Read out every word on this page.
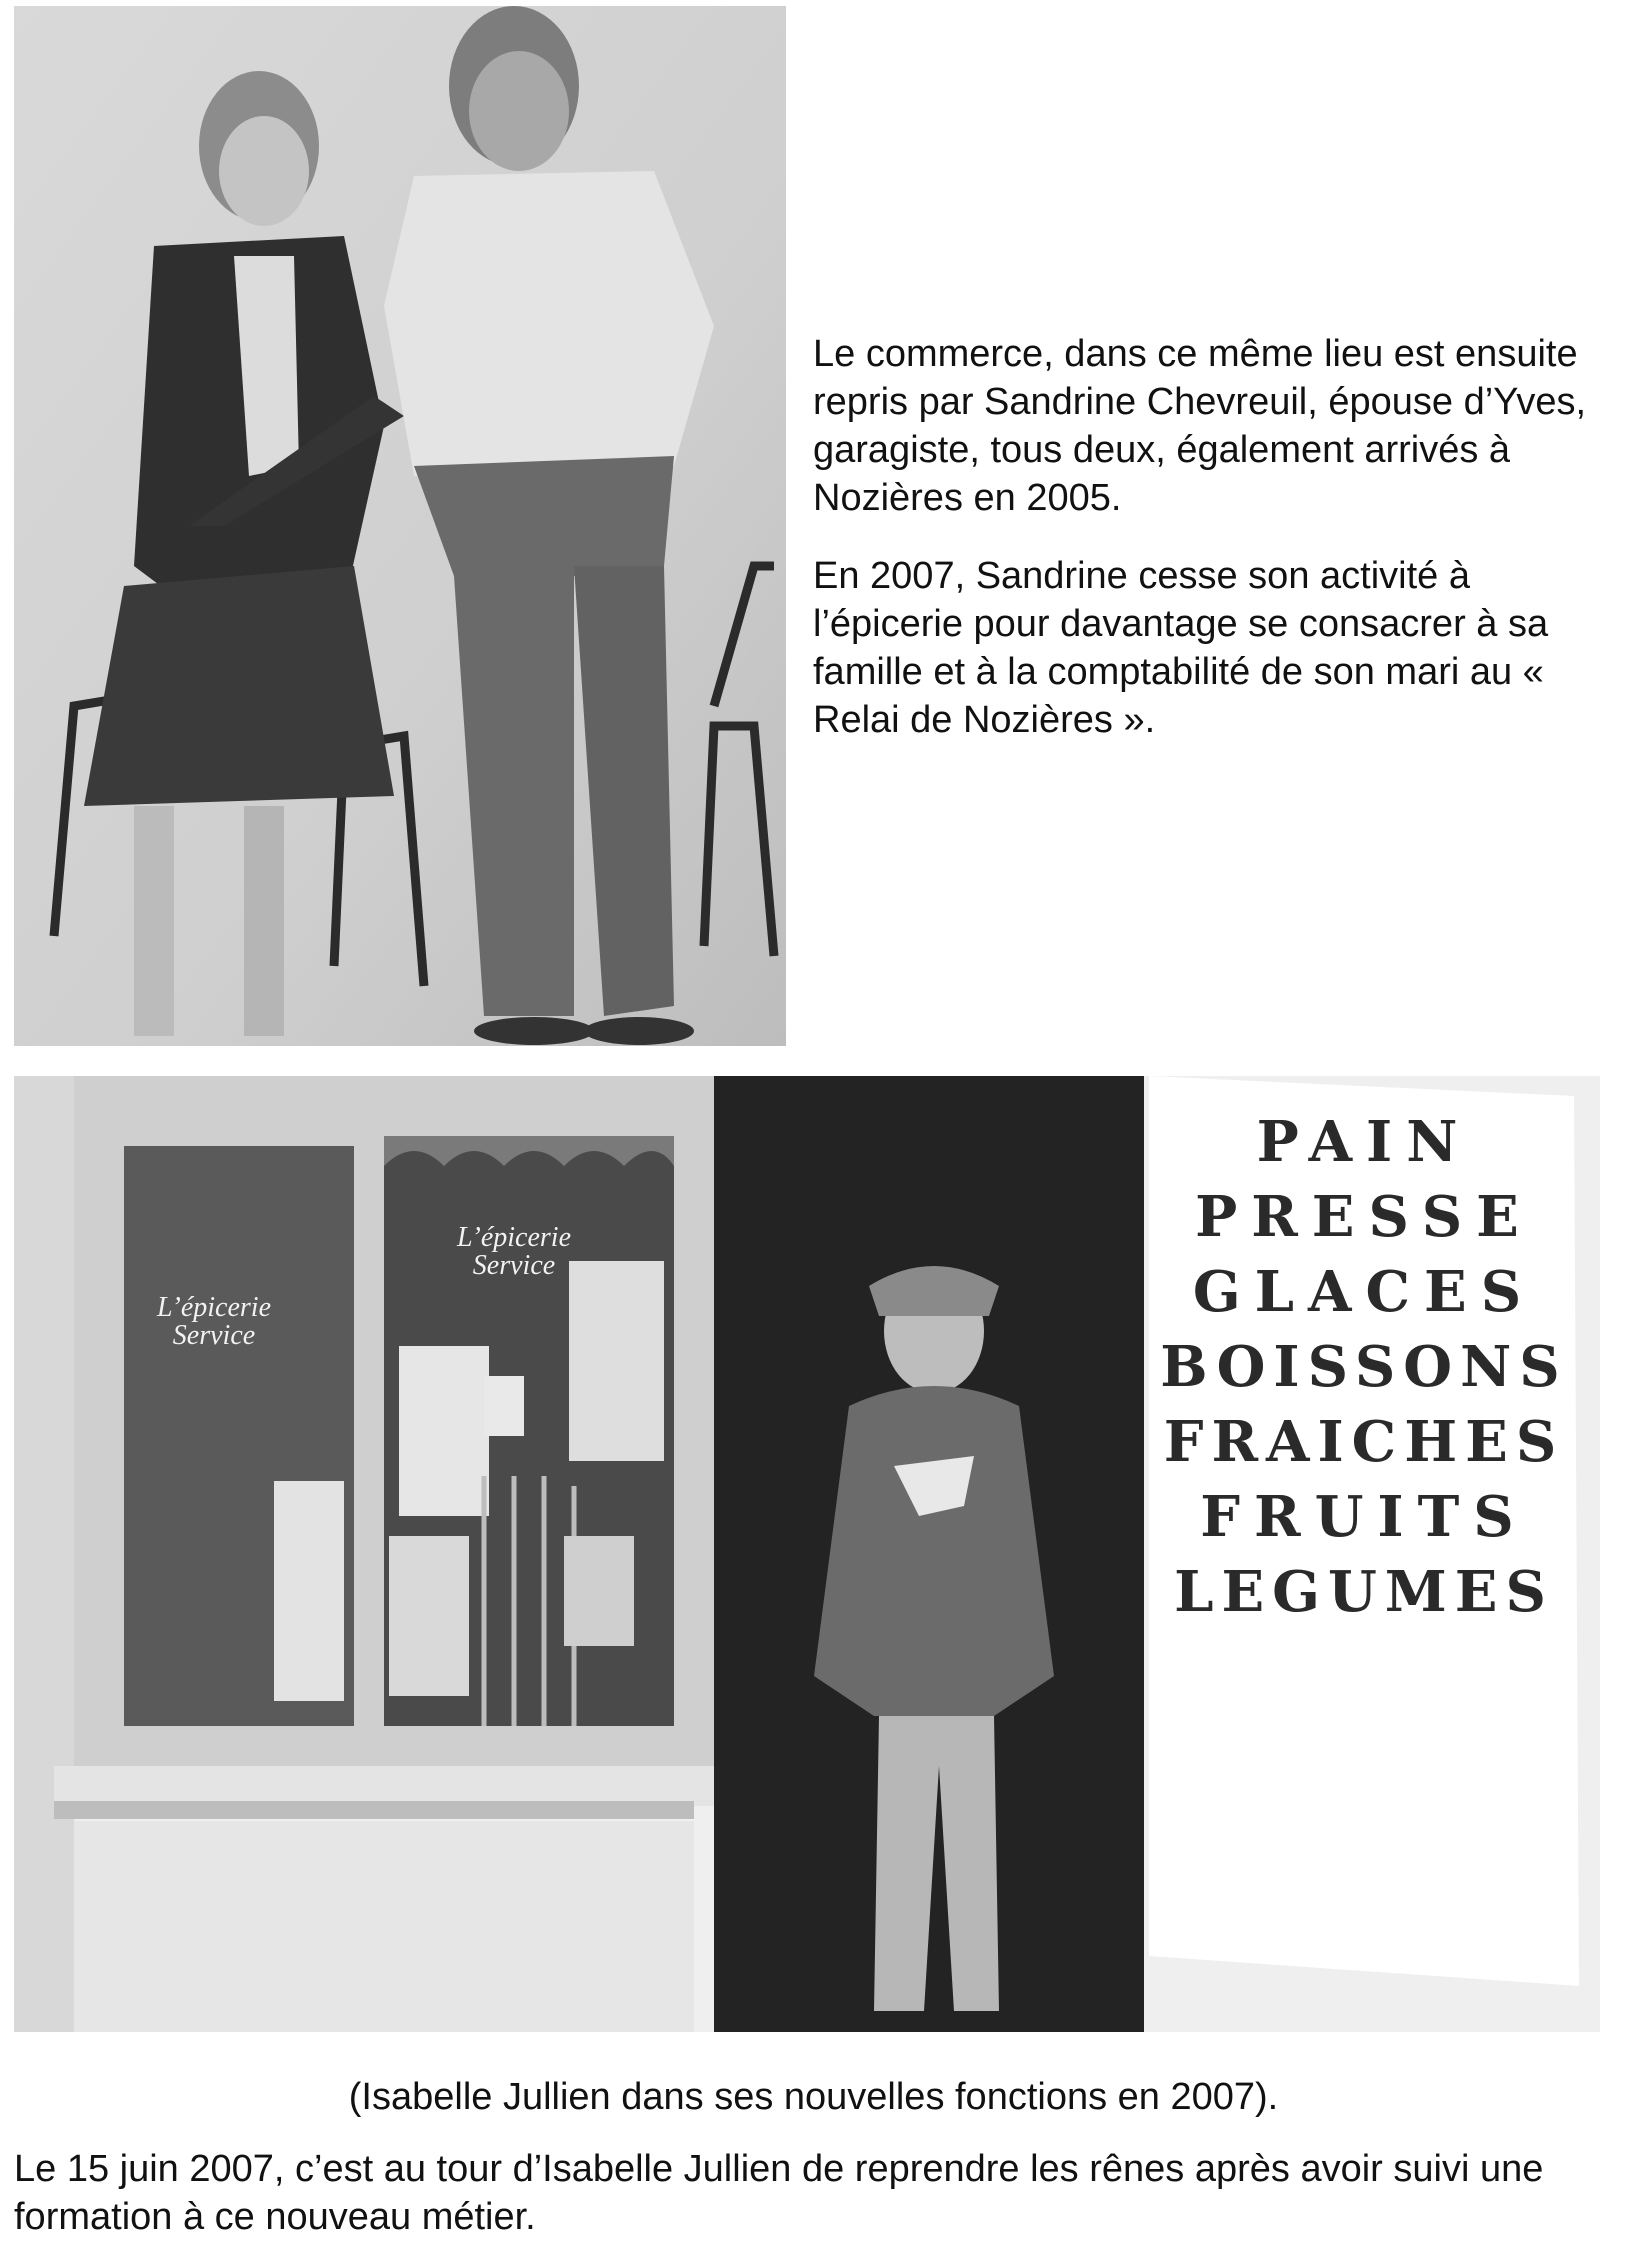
Le commerce, dans ce même lieu est ensuite repris par Sandrine Chevreuil, épouse d’Yves, garagiste, tous deux, également arrivés à Nozières en 2005.

En 2007, Sandrine cesse son activité à l’épicerie pour davantage se consacrer à sa famille et à la comptabilité de son mari au « Relai de Nozières ».

L’épicerie
Service
L’épicerie
Service
PAIN
PRESSE
GLACES
BOISSONS
FRAICHES
FRUITS
LEGUMES

(Isabelle Jullien dans ses nouvelles fonctions en 2007).

Le 15 juin 2007, c’est au tour d’Isabelle Jullien de reprendre les rênes après avoir suivi une formation à ce nouveau métier.
